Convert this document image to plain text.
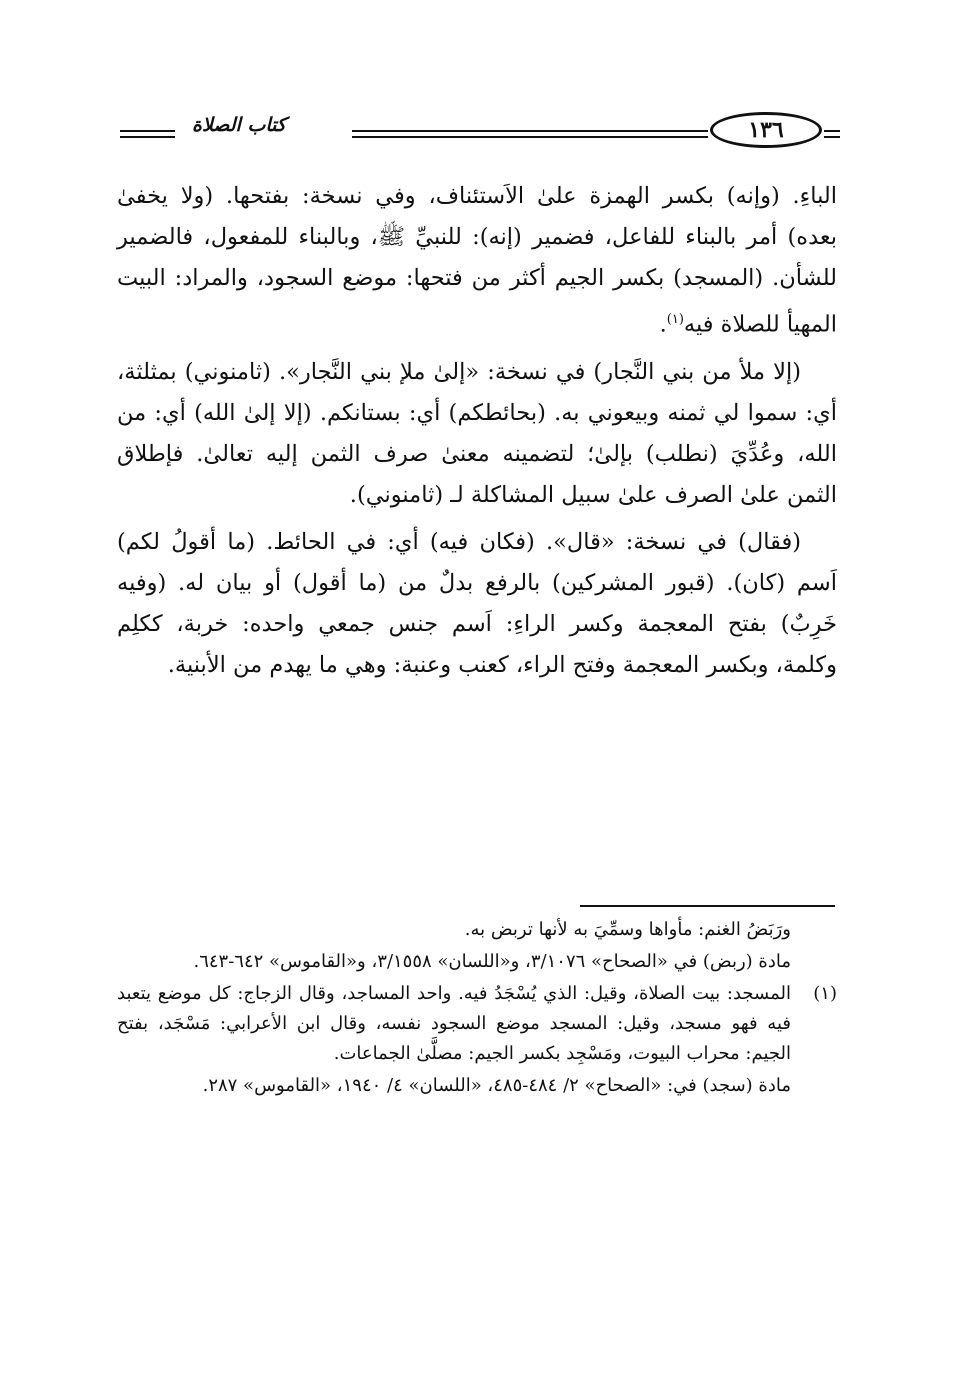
كتاب الصلاة	١٣٦

الباءِ. (وإنه) بكسر الهمزة علىٰ الاَستئناف، وفي نسخة: بفتحها. (ولا يخفىٰ بعده) أمر بالبناء للفاعل، فضمير (إنه): للنبيِّ ﷺ، وبالبناء للمفعول، فالضمير للشأن. (المسجد) بكسر الجيم أكثر من فتحها: موضع السجود، والمراد: البيت المهيأ للصلاة فيه$^{(١)}$.

(إلا ملأ من بني النَّجار) في نسخة: «إلىٰ ملإ بني النَّجار». (ثامنوني) بمثلثة، أي: سموا لي ثمنه وبيعوني به. (بحائطكم) أي: بستانكم. (إلا إلىٰ الله) أي: من الله، وعُدِّيَ (نطلب) بإلىٰ؛ لتضمينه معنىٰ صرف الثمن إليه تعالىٰ. فإطلاق الثمن علىٰ الصرف علىٰ سبيل المشاكلة لـ (ثامنوني).

(فقال) في نسخة: «قال». (فكان فيه) أي: في الحائط. (ما أقولُ لكم) اَسم (كان). (قبور المشركين) بالرفع بدلٌ من (ما أقول) أو بيان له. (وفيه خَرِبٌ) بفتح المعجمة وكسر الراءِ: اَسم جنس جمعي واحده: خربة، ككلِم وكلمة، وبكسر المعجمة وفتح الراء، كعنب وعنبة: وهي ما يهدم من الأبنية.

ورَبَضُ الغنم: مأواها وسمِّيَ به لأنها تربض به.

مادة (ربض) في «الصحاح» ٣/١٠٧٦، و«اللسان» ٣/١٥٥٨، و«القاموس» ٦٤٢-٦٤٣.

(١)

المسجد: بيت الصلاة، وقيل: الذي يُسْجَدُ فيه. واحد المساجد، وقال الزجاج: كل موضع يتعبد فيه فهو مسجد، وقيل: المسجد موضع السجود نفسه، وقال ابن الأعرابي: مَسْجَد، بفتح الجيم: محراب البيوت، ومَسْجِد بكسر الجيم: مصلَّىٰ الجماعات.

مادة (سجد) في: «الصحاح» ٢/ ٤٨٤-٤٨٥، «اللسان» ٤/ ١٩٤٠، «القاموس» ٢٨٧.
